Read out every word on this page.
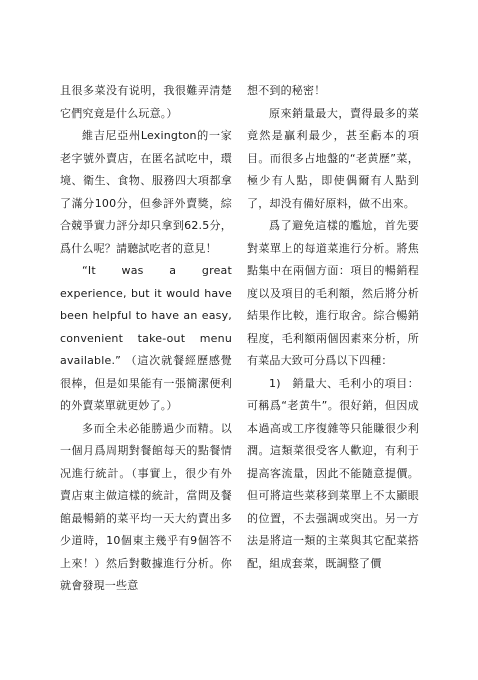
且很多菜没有说明，我很難弄清楚它們究竟是什么玩意。）

維吉尼亞州Lexington的一家老字號外賣店，在匿名試吃中，環境、衛生、食物、服務四大項都拿了滿分100分，但參評外賣獎，綜合競爭實力評分却只拿到62.5分，爲什么呢？請聽試吃者的意見！

“It was a great experience, but it would have been helpful to have an easy, convenient take-out menu available.” （這次就餐經歷感覺很棒，但是如果能有一張簡潔便利的外賣菜單就更妙了。）

多而全未必能勝過少而精。以一個月爲周期對餐館每天的點餐情况進行統計。（事實上，很少有外賣店東主做這樣的統計，當問及餐館最暢銷的菜平均一天大約賣出多少道時，10個東主幾乎有9個答不上來！）然后對數據進行分析。你就會發現一些意

想不到的秘密！

原來銷量最大，賣得最多的菜竟然是贏利最少，甚至虧本的項目。而很多占地盤的“老黄歷”菜，極少有人點，即使偶爾有人點到了，却没有備好原料，做不出來。

爲了避免這樣的尷尬，首先要對菜單上的每道菜進行分析。將焦點集中在兩個方面：項目的暢銷程度以及項目的毛利額，然后將分析結果作比較，進行取舍。綜合暢銷程度，毛利額兩個因素來分析，所有菜品大致可分爲以下四種：

1)　銷量大、毛利小的項目：可稱爲“老黄牛”。很好銷，但因成本過高或工序復雜等只能賺很少利潤。這類菜很受客人歡迎，有利于提高客流量，因此不能隨意提價。但可將這些菜移到菜單上不太顯眼的位置，不去强調或突出。另一方法是將這一類的主菜與其它配菜搭配，組成套菜，既調整了價
